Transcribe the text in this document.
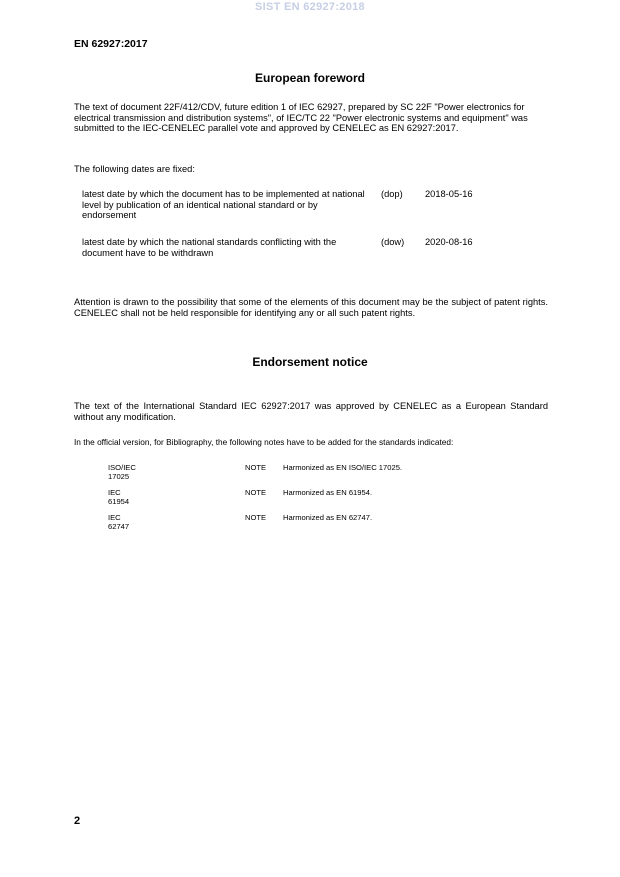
SIST EN 62927:2018
EN 62927:2017
European foreword
The text of document 22F/412/CDV, future edition 1 of IEC 62927, prepared by SC 22F "Power electronics for electrical transmission and distribution systems", of IEC/TC 22 "Power electronic systems and equipment" was submitted to the IEC-CENELEC parallel vote and approved by CENELEC as EN 62927:2017.
The following dates are fixed:
latest date by which the document has to be implemented at national level by publication of an identical national standard or by endorsement
(dop) 2018-05-16
latest date by which the national standards conflicting with the document have to be withdrawn
(dow) 2020-08-16
Attention is drawn to the possibility that some of the elements of this document may be the subject of patent rights. CENELEC shall not be held responsible for identifying any or all such patent rights.
Endorsement notice
The text of the International Standard IEC 62927:2017 was approved by CENELEC as a European Standard without any modification.
In the official version, for Bibliography, the following notes have to be added for the standards indicated:
ISO/IEC 17025
NOTE Harmonized as EN ISO/IEC 17025.
IEC 61954
NOTE Harmonized as EN 61954.
IEC 62747
NOTE Harmonized as EN 62747.
2
